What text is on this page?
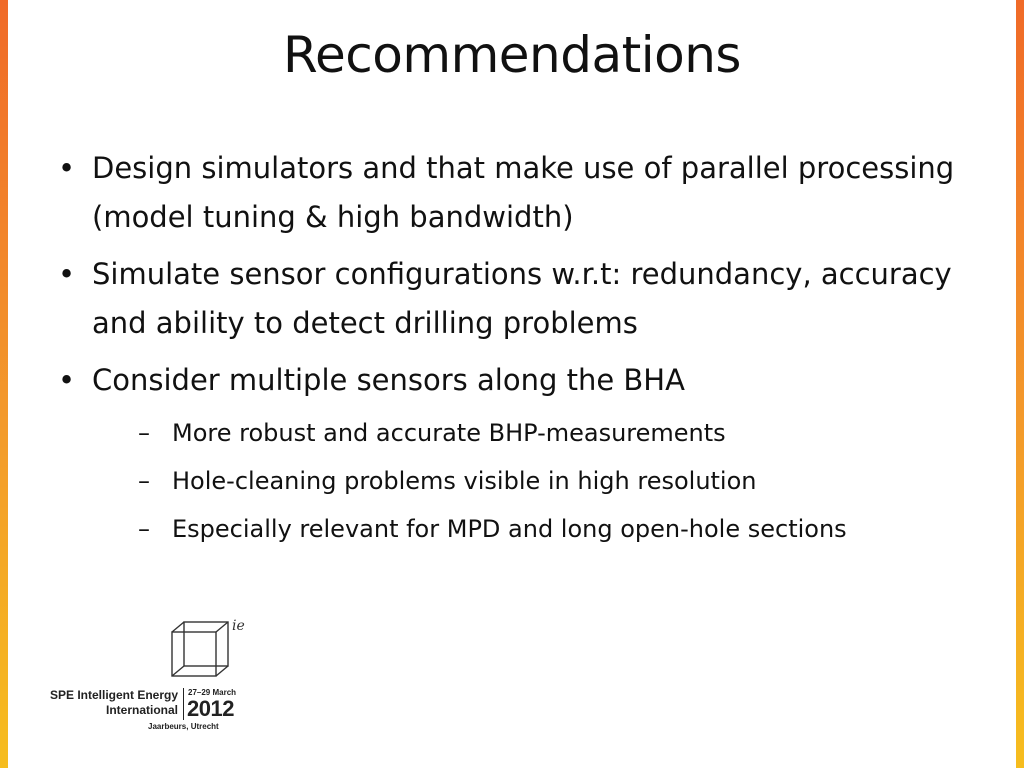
Recommendations
• Design simulators and that make use of parallel processing (model tuning & high bandwidth)
• Simulate sensor configurations w.r.t: redundancy, accuracy and ability to detect drilling problems
• Consider multiple sensors along the BHA
– More robust and accurate BHP-measurements
– Hole-cleaning problems visible in high resolution
– Especially relevant for MPD and long open-hole sections
ie
SPE Intelligent Energy
International
27–29 March
2012
Jaarbeurs, Utrecht
